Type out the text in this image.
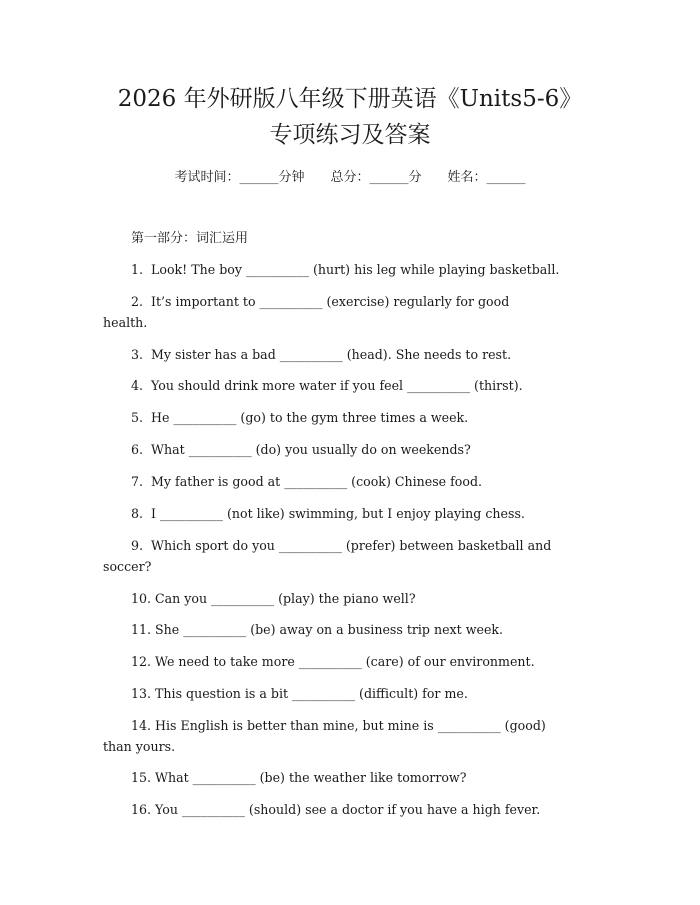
2026 年外研版八年级下册英语《Units5-6》
专项练习及答案
考试时间：______分钟 总分：______分 姓名：______
第一部分：词汇运用
1.  Look! The boy __________ (hurt) his leg while playing basketball.
2.  It’s important to __________ (exercise) regularly for good
health.
3.  My sister has a bad __________ (head). She needs to rest.
4.  You should drink more water if you feel __________ (thirst).
5.  He __________ (go) to the gym three times a week.
6.  What __________ (do) you usually do on weekends?
7.  My father is good at __________ (cook) Chinese food.
8.  I __________ (not like) swimming, but I enjoy playing chess.
9.  Which sport do you __________ (prefer) between basketball and
soccer?
10. Can you __________ (play) the piano well?
11. She __________ (be) away on a business trip next week.
12. We need to take more __________ (care) of our environment.
13. This question is a bit __________ (difficult) for me.
14. His English is better than mine, but mine is __________ (good)
than yours.
15. What __________ (be) the weather like tomorrow?
16. You __________ (should) see a doctor if you have a high fever.
